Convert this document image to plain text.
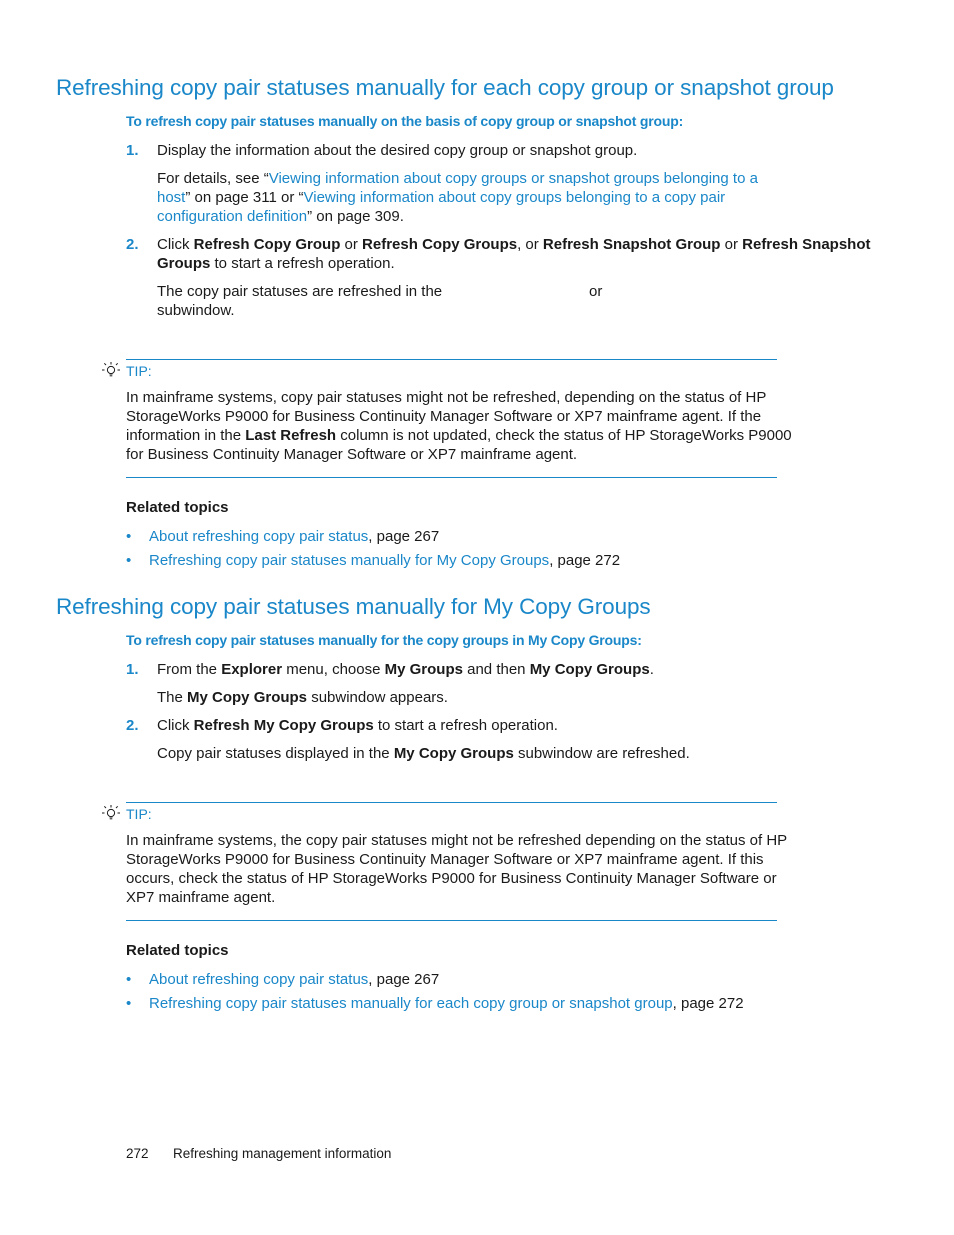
Refreshing copy pair statuses manually for each copy group or snapshot group
To refresh copy pair statuses manually on the basis of copy group or snapshot group:
1. Display the information about the desired copy group or snapshot group.
For details, see “Viewing information about copy groups or snapshot groups belonging to a
host” on page 311 or “Viewing information about copy groups belonging to a copy pair
configuration definition” on page 309.
2. Click Refresh Copy Group or Refresh Copy Groups, or Refresh Snapshot Group or Refresh Snapshot
Groups to start a refresh operation.
The copy pair statuses are refreshed in the	or
subwindow.
TIP:
In mainframe systems, copy pair statuses might not be refreshed, depending on the status of HP
StorageWorks P9000 for Business Continuity Manager Software or XP7 mainframe agent. If the
information in the Last Refresh column is not updated, check the status of HP StorageWorks P9000
for Business Continuity Manager Software or XP7 mainframe agent.
Related topics
• About refreshing copy pair status, page 267
• Refreshing copy pair statuses manually for My Copy Groups, page 272
Refreshing copy pair statuses manually for My Copy Groups
To refresh copy pair statuses manually for the copy groups in My Copy Groups:
1. From the Explorer menu, choose My Groups and then My Copy Groups.
The My Copy Groups subwindow appears.
2. Click Refresh My Copy Groups to start a refresh operation.
Copy pair statuses displayed in the My Copy Groups subwindow are refreshed.
TIP:
In mainframe systems, the copy pair statuses might not be refreshed depending on the status of HP
StorageWorks P9000 for Business Continuity Manager Software or XP7 mainframe agent. If this
occurs, check the status of HP StorageWorks P9000 for Business Continuity Manager Software or
XP7 mainframe agent.
Related topics
• About refreshing copy pair status, page 267
• Refreshing copy pair statuses manually for each copy group or snapshot group, page 272
272 Refreshing management information
